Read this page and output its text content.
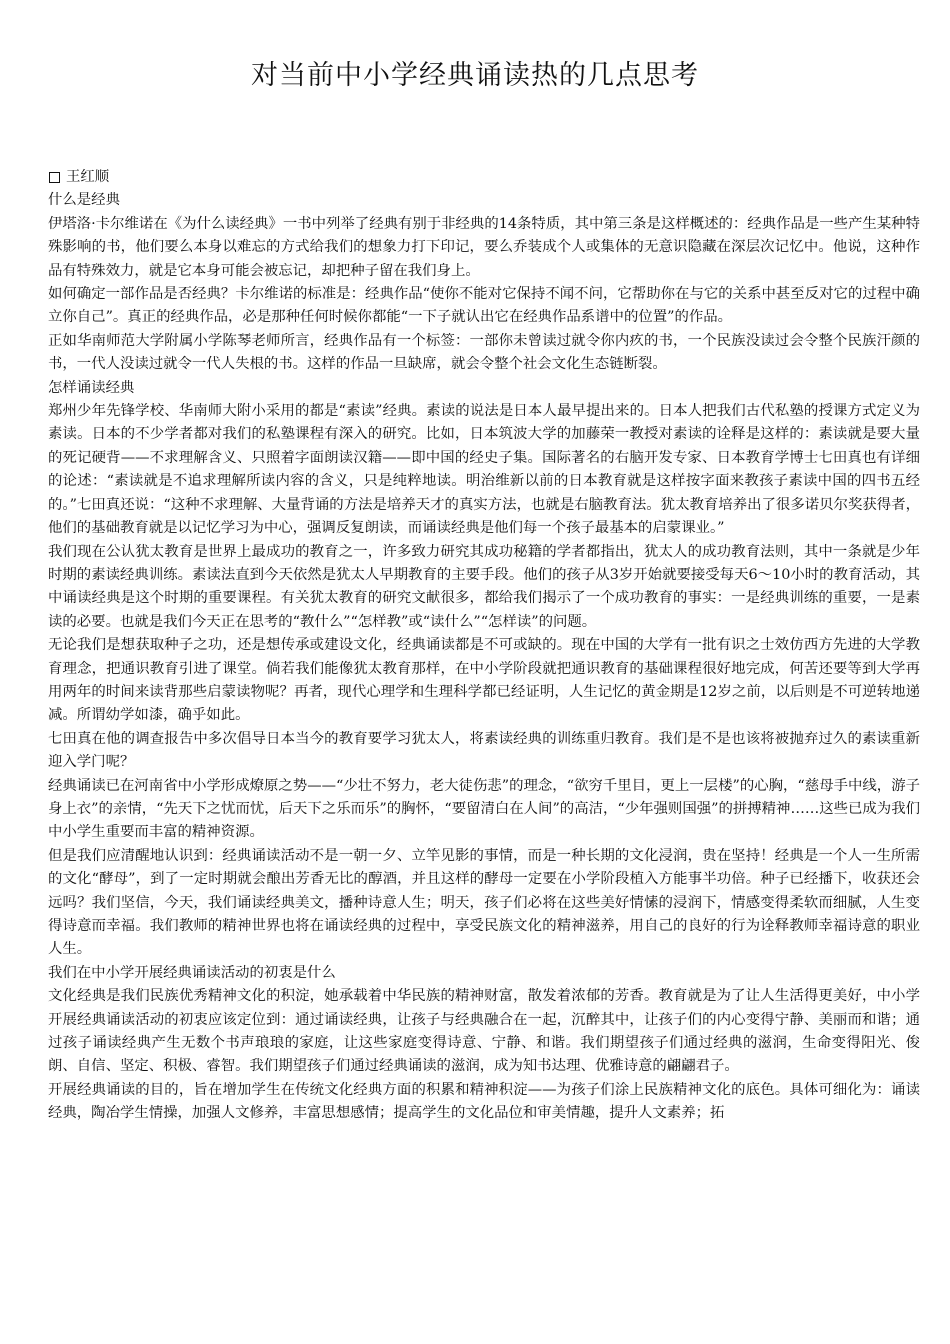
对当前中小学经典诵读热的几点思考

王红顺

什么是经典

伊塔洛·卡尔维诺在《为什么读经典》一书中列举了经典有别于非经典的14条特质，其中第三条是这样概述的：经典作品是一些产生某种特殊影响的书，他们要么本身以难忘的方式给我们的想象力打下印记，要么乔装成个人或集体的无意识隐藏在深层次记忆中。他说，这种作品有特殊效力，就是它本身可能会被忘记，却把种子留在我们身上。

如何确定一部作品是否经典？卡尔维诺的标准是：经典作品“使你不能对它保持不闻不问，它帮助你在与它的关系中甚至反对它的过程中确立你自己”。真正的经典作品，必是那种任何时候你都能“一下子就认出它在经典作品系谱中的位置”的作品。

正如华南师范大学附属小学陈琴老师所言，经典作品有一个标签：一部你未曾读过就令你内疚的书，一个民族没读过会令整个民族汗颜的书，一代人没读过就令一代人失根的书。这样的作品一旦缺席，就会令整个社会文化生态链断裂。

怎样诵读经典

郑州少年先锋学校、华南师大附小采用的都是“素读”经典。素读的说法是日本人最早提出来的。日本人把我们古代私塾的授课方式定义为素读。日本的不少学者都对我们的私塾课程有深入的研究。比如，日本筑波大学的加藤荣一教授对素读的诠释是这样的：素读就是要大量的死记硬背——不求理解含义、只照着字面朗读汉籍——即中国的经史子集。国际著名的右脑开发专家、日本教育学博士七田真也有详细的论述：“素读就是不追求理解所读内容的含义，只是纯粹地读。明治维新以前的日本教育就是这样按字面来教孩子素读中国的四书五经的。”七田真还说：“这种不求理解、大量背诵的方法是培养天才的真实方法，也就是右脑教育法。犹太教育培养出了很多诺贝尔奖获得者，他们的基础教育就是以记忆学习为中心，强调反复朗读，而诵读经典是他们每一个孩子最基本的启蒙课业。”

我们现在公认犹太教育是世界上最成功的教育之一，许多致力研究其成功秘籍的学者都指出，犹太人的成功教育法则，其中一条就是少年时期的素读经典训练。素读法直到今天依然是犹太人早期教育的主要手段。他们的孩子从3岁开始就要接受每天6～10小时的教育活动，其中诵读经典是这个时期的重要课程。有关犹太教育的研究文献很多，都给我们揭示了一个成功教育的事实：一是经典训练的重要，一是素读的必要。也就是我们今天正在思考的“教什么”“怎样教”或“读什么”“怎样读”的问题。

无论我们是想获取种子之功，还是想传承或建设文化，经典诵读都是不可或缺的。现在中国的大学有一批有识之士效仿西方先进的大学教育理念，把通识教育引进了课堂。倘若我们能像犹太教育那样，在中小学阶段就把通识教育的基础课程很好地完成，何苦还要等到大学再用两年的时间来读背那些启蒙读物呢？再者，现代心理学和生理科学都已经证明，人生记忆的黄金期是12岁之前，以后则是不可逆转地递减。所谓幼学如漆，确乎如此。

七田真在他的调查报告中多次倡导日本当今的教育要学习犹太人，将素读经典的训练重归教育。我们是不是也该将被抛弃过久的素读重新迎入学门呢？

经典诵读已在河南省中小学形成燎原之势——“少壮不努力，老大徒伤悲”的理念，“欲穷千里目，更上一层楼”的心胸，“慈母手中线，游子身上衣”的亲情，“先天下之忧而忧，后天下之乐而乐”的胸怀，“要留清白在人间”的高洁，“少年强则国强”的拼搏精神……这些已成为我们中小学生重要而丰富的精神资源。

但是我们应清醒地认识到：经典诵读活动不是一朝一夕、立竿见影的事情，而是一种长期的文化浸润，贵在坚持！经典是一个人一生所需的文化“酵母”，到了一定时期就会酿出芳香无比的醇酒，并且这样的酵母一定要在小学阶段植入方能事半功倍。种子已经播下，收获还会远吗？我们坚信，今天，我们诵读经典美文，播种诗意人生；明天，孩子们必将在这些美好情愫的浸润下，情感变得柔软而细腻，人生变得诗意而幸福。我们教师的精神世界也将在诵读经典的过程中，享受民族文化的精神滋养，用自己的良好的行为诠释教师幸福诗意的职业人生。

我们在中小学开展经典诵读活动的初衷是什么

文化经典是我们民族优秀精神文化的积淀，她承载着中华民族的精神财富，散发着浓郁的芳香。教育就是为了让人生活得更美好，中小学开展经典诵读活动的初衷应该定位到：通过诵读经典，让孩子与经典融合在一起，沉醉其中，让孩子们的内心变得宁静、美丽而和谐；通过孩子诵读经典产生无数个书声琅琅的家庭，让这些家庭变得诗意、宁静、和谐。我们期望孩子们通过经典的滋润，生命变得阳光、俊朗、自信、坚定、积极、睿智。我们期望孩子们通过经典诵读的滋润，成为知书达理、优雅诗意的翩翩君子。

开展经典诵读的目的，旨在增加学生在传统文化经典方面的积累和精神积淀——为孩子们涂上民族精神文化的底色。具体可细化为：诵读经典，陶冶学生情操，加强人文修养，丰富思想感情；提高学生的文化品位和审美情趣，提升人文素养；拓
